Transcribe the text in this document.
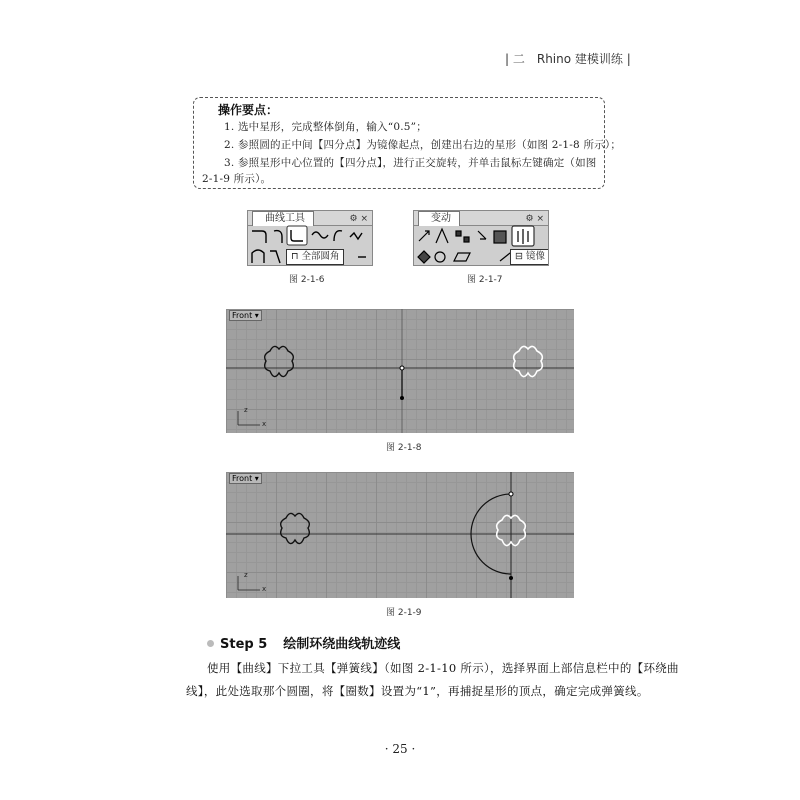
| 二　Rhino 建模训练 |
操作要点：
1. 选中星形，完成整体倒角，输入“0.5”；
2. 参照圆的正中间【四分点】为镜像起点，创建出右边的星形（如图 2-1-8 所示）；
3. 参照星形中心位置的【四分点】，进行正交旋转，并单击鼠标左键确定（如图
2-1-9 所示）。
曲线工具	⚙ ×
⊓ 全部圆角
图 2-1-6
变动	⚙ ×
⊟ 镜像
图 2-1-7
Front ▾
z
x
图 2-1-8
Front ▾
z
x
图 2-1-9
Step 5 绘制环绕曲线轨迹线
使用【曲线】下拉工具【弹簧线】（如图 2-1-10 所示），选择界面上部信息栏中的【环绕曲
线】，此处选取那个圆圈，将【圈数】设置为“1”，再捕捉星形的顶点，确定完成弹簧线。
· 25 ·
